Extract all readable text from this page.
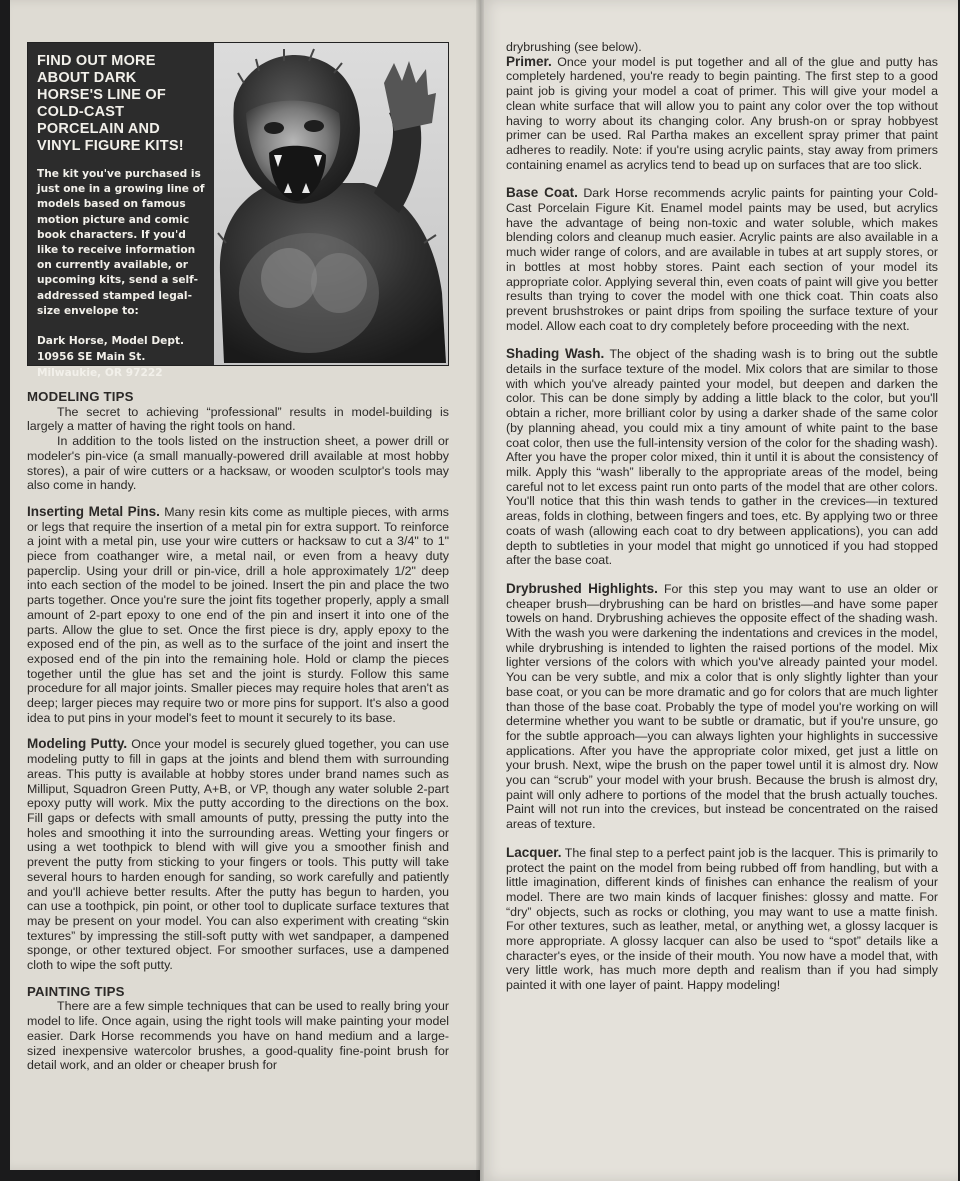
FIND OUT MORE ABOUT DARK HORSE'S LINE OF COLD-CAST PORCELAIN AND VINYL FIGURE KITS!
The kit you've purchased is just one in a growing line of models based on famous motion picture and comic book characters. If you'd like to receive information on currently available, or upcoming kits, send a self-addressed stamped legal-size envelope to:
Dark Horse, Model Dept.
10956 SE Main St.
Milwaukie, OR 97222

MODELING TIPS

The secret to achieving “professional” results in model-building is largely a matter of having the right tools on hand.

In addition to the tools listed on the instruction sheet, a power drill or modeler's pin-vice (a small manually-powered drill available at most hobby stores), a pair of wire cutters or a hacksaw, or wooden sculptor's tools may also come in handy.

Inserting Metal Pins. Many resin kits come as multiple pieces, with arms or legs that require the insertion of a metal pin for extra support. To reinforce a joint with a metal pin, use your wire cutters or hacksaw to cut a 3/4" to 1" piece from coathanger wire, a metal nail, or even from a heavy duty paperclip. Using your drill or pin-vice, drill a hole approximately 1/2" deep into each section of the model to be joined. Insert the pin and place the two parts together. Once you're sure the joint fits together properly, apply a small amount of 2-part epoxy to one end of the pin and insert it into one of the parts. Allow the glue to set. Once the first piece is dry, apply epoxy to the exposed end of the pin, as well as to the surface of the joint and insert the exposed end of the pin into the remaining hole. Hold or clamp the pieces together until the glue has set and the joint is sturdy. Follow this same procedure for all major joints. Smaller pieces may require holes that aren't as deep; larger pieces may require two or more pins for support. It's also a good idea to put pins in your model's feet to mount it securely to its base.

Modeling Putty. Once your model is securely glued together, you can use modeling putty to fill in gaps at the joints and blend them with surrounding areas. This putty is available at hobby stores under brand names such as Milliput, Squadron Green Putty, A+B, or VP, though any water soluble 2-part epoxy putty will work. Mix the putty according to the directions on the box. Fill gaps or defects with small amounts of putty, pressing the putty into the holes and smoothing it into the surrounding areas. Wetting your fingers or using a wet toothpick to blend with will give you a smoother finish and prevent the putty from sticking to your fingers or tools. This putty will take several hours to harden enough for sanding, so work carefully and patiently and you'll achieve better results. After the putty has begun to harden, you can use a toothpick, pin point, or other tool to duplicate surface textures that may be present on your model. You can also experiment with creating “skin textures” by impressing the still-soft putty with wet sandpaper, a dampened sponge, or other textured object. For smoother surfaces, use a dampened cloth to wipe the soft putty.

PAINTING TIPS

There are a few simple techniques that can be used to really bring your model to life. Once again, using the right tools will make painting your model easier. Dark Horse recommends you have on hand medium and a large-sized inexpensive watercolor brushes, a good-quality fine-point brush for detail work, and an older or cheaper brush for

drybrushing (see below).

Primer. Once your model is put together and all of the glue and putty has completely hardened, you're ready to begin painting. The first step to a good paint job is giving your model a coat of primer. This will give your model a clean white surface that will allow you to paint any color over the top without having to worry about its changing color. Any brush-on or spray hobbyest primer can be used. Ral Partha makes an excellent spray primer that paint adheres to readily. Note: if you're using acrylic paints, stay away from primers containing enamel as acrylics tend to bead up on surfaces that are too slick.

Base Coat. Dark Horse recommends acrylic paints for painting your Cold-Cast Porcelain Figure Kit. Enamel model paints may be used, but acrylics have the advantage of being non-toxic and water soluble, which makes blending colors and cleanup much easier. Acrylic paints are also available in a much wider range of colors, and are available in tubes at art supply stores, or in bottles at most hobby stores. Paint each section of your model its appropriate color. Applying several thin, even coats of paint will give you better results than trying to cover the model with one thick coat. Thin coats also prevent brushstrokes or paint drips from spoiling the surface texture of your model. Allow each coat to dry completely before proceeding with the next.

Shading Wash. The object of the shading wash is to bring out the subtle details in the surface texture of the model. Mix colors that are similar to those with which you've already painted your model, but deepen and darken the color. This can be done simply by adding a little black to the color, but you'll obtain a richer, more brilliant color by using a darker shade of the same color (by planning ahead, you could mix a tiny amount of white paint to the base coat color, then use the full-intensity version of the color for the shading wash). After you have the proper color mixed, thin it until it is about the consistency of milk. Apply this “wash” liberally to the appropriate areas of the model, being careful not to let excess paint run onto parts of the model that are other colors. You'll notice that this thin wash tends to gather in the crevices—in textured areas, folds in clothing, between fingers and toes, etc. By applying two or three coats of wash (allowing each coat to dry between applications), you can add depth to subtleties in your model that might go unnoticed if you had stopped after the base coat.

Drybrushed Highlights. For this step you may want to use an older or cheaper brush—drybrushing can be hard on bristles—and have some paper towels on hand. Drybrushing achieves the opposite effect of the shading wash. With the wash you were darkening the indentations and crevices in the model, while drybrushing is intended to lighten the raised portions of the model. Mix lighter versions of the colors with which you've already painted your model. You can be very subtle, and mix a color that is only slightly lighter than your base coat, or you can be more dramatic and go for colors that are much lighter than those of the base coat. Probably the type of model you're working on will determine whether you want to be subtle or dramatic, but if you're unsure, go for the subtle approach—you can always lighten your highlights in successive applications. After you have the appropriate color mixed, get just a little on your brush. Next, wipe the brush on the paper towel until it is almost dry. Now you can “scrub” your model with your brush. Because the brush is almost dry, paint will only adhere to portions of the model that the brush actually touches. Paint will not run into the crevices, but instead be concentrated on the raised areas of texture.

Lacquer. The final step to a perfect paint job is the lacquer. This is primarily to protect the paint on the model from being rubbed off from handling, but with a little imagination, different kinds of finishes can enhance the realism of your model. There are two main kinds of lacquer finishes: glossy and matte. For “dry” objects, such as rocks or clothing, you may want to use a matte finish. For other textures, such as leather, metal, or anything wet, a glossy lacquer is more appropriate. A glossy lacquer can also be used to “spot” details like a character's eyes, or the inside of their mouth. You now have a model that, with very little work, has much more depth and realism than if you had simply painted it with one layer of paint. Happy modeling!
